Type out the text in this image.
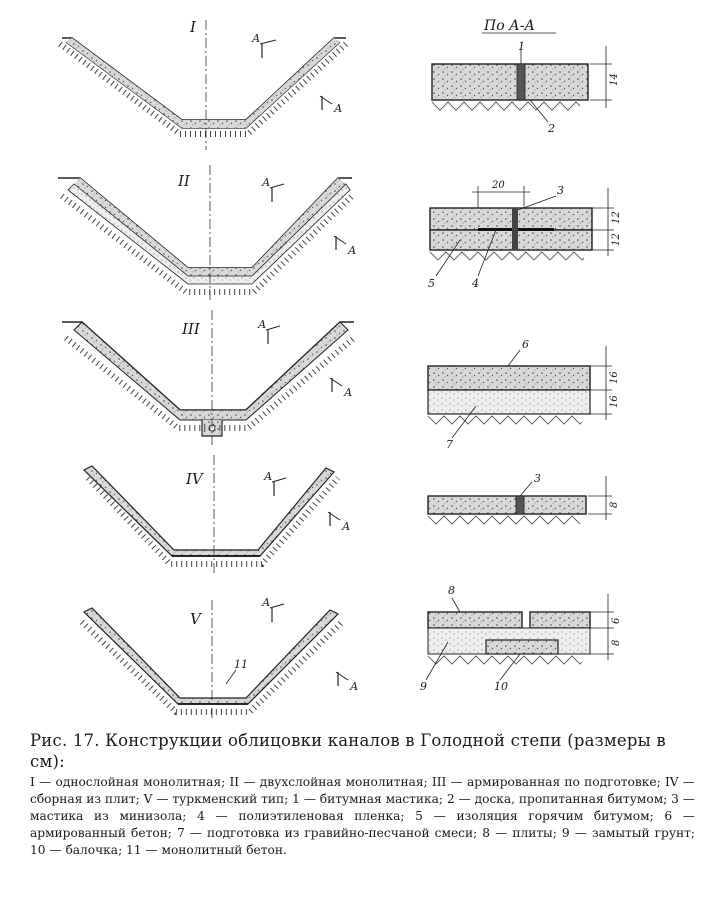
I
А
А
По А-А
1
2
14
II	А
А
20	3
4
5
12
12
III	А
А
6
7
16
16
IV	А
А
3
8
V
11
А
А
8
9	10
6
8
Рис. 17. Конструкции облицовки каналов в Голодной степи (размеры в см):
I — однослойная монолитная; II — двухслойная монолитная; III — армированная по подготовке; IV — сборная из плит; V — туркменский тип; 1 — битумная мастика; 2 — доска, пропитанная битумом; 3 — мастика из минизола; 4 — полиэтиленовая пленка; 5 — изоляция горячим битумом; 6 — армированный бетон; 7 — подготовка из гравийно-песчаной смеси; 8 — плиты; 9 — замытый грунт; 10 — балочка; 11 — монолитный бетон.
